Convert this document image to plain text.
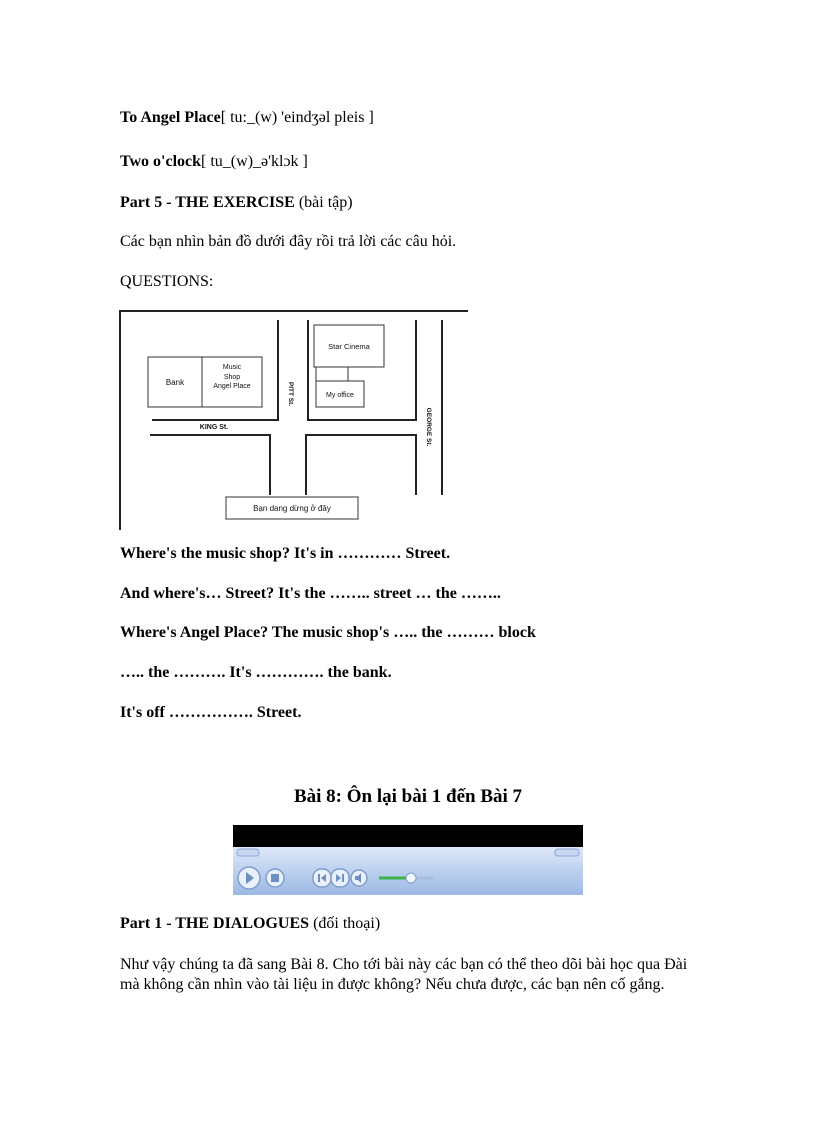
To Angel Place[ tu:_(w) 'eindʒəl pleis ]
Two o'clock[ tu_(w)_ə'klɔk ]
Part 5 - THE EXERCISE (bài tập)
Các bạn nhìn bản đồ dưới đây rồi trả lời các câu hỏi.
QUESTIONS:
Bank
Music
Shop
Angel Place
Star Cinema
My office
PITT St.
GEORGE St.
KING St.
Bạn dang dừng ở đây
Where's the music shop? It's in ………… Street.
And where's… Street? It's the …….. street … the ……..
Where's Angel Place? The music shop's ….. the ……… block
….. the ………. It's …………. the bank.
It's off ……………. Street.
Bài 8: Ôn lại bài 1 đến Bài 7
Part 1 - THE DIALOGUES (đối thoại)
Như vậy chúng ta đã sang Bài 8. Cho tới bài này các bạn có thể theo dõi bài học qua Đài mà không cần nhìn vào tài liệu in được không? Nếu chưa được, các bạn nên cố gắng.
